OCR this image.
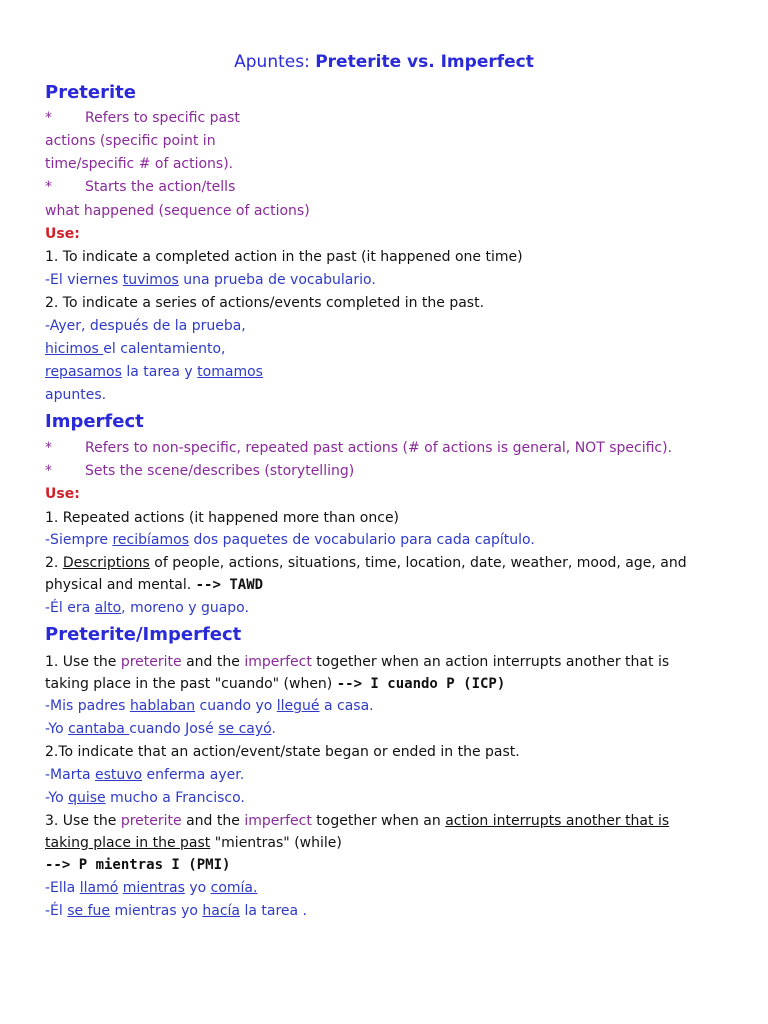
Apuntes: Preterite vs. Imperfect
Preterite
* Refers to specific past
actions (specific point in
time/specific # of actions).
* Starts the action/tells
what happened (sequence of actions)
Use:
1. To indicate a completed action in the past (it happened one time)
-El viernes tuvimos una prueba de vocabulario.
2. To indicate a series of actions/events completed in the past.
-Ayer, después de la prueba,
hicimos el calentamiento,
repasamos la tarea y tomamos
apuntes.
Imperfect
* Refers to non-specific, repeated past actions (# of actions is general, NOT specific).
* Sets the scene/describes (storytelling)
Use:
1. Repeated actions (it happened more than once)
-Siempre recibíamos dos paquetes de vocabulario para cada capítulo.
2. Descriptions of people, actions, situations, time, location, date, weather, mood, age, and
physical and mental. --> TAWD
-Él era alto, moreno y guapo.
Preterite/Imperfect
1. Use the preterite and the imperfect together when an action interrupts another that is
taking place in the past "cuando" (when) --> I cuando P (ICP)
-Mis padres hablaban cuando yo llegué a casa.
-Yo cantaba cuando José se cayó.
2.To indicate that an action/event/state began or ended in the past.
-Marta estuvo enferma ayer.
-Yo quise mucho a Francisco.
3. Use the preterite and the imperfect together when an action interrupts another that is
taking place in the past "mientras" (while)
--> P mientras I (PMI)
-Ella llamó mientras yo comía.
-Él se fue mientras yo hacía la tarea .
